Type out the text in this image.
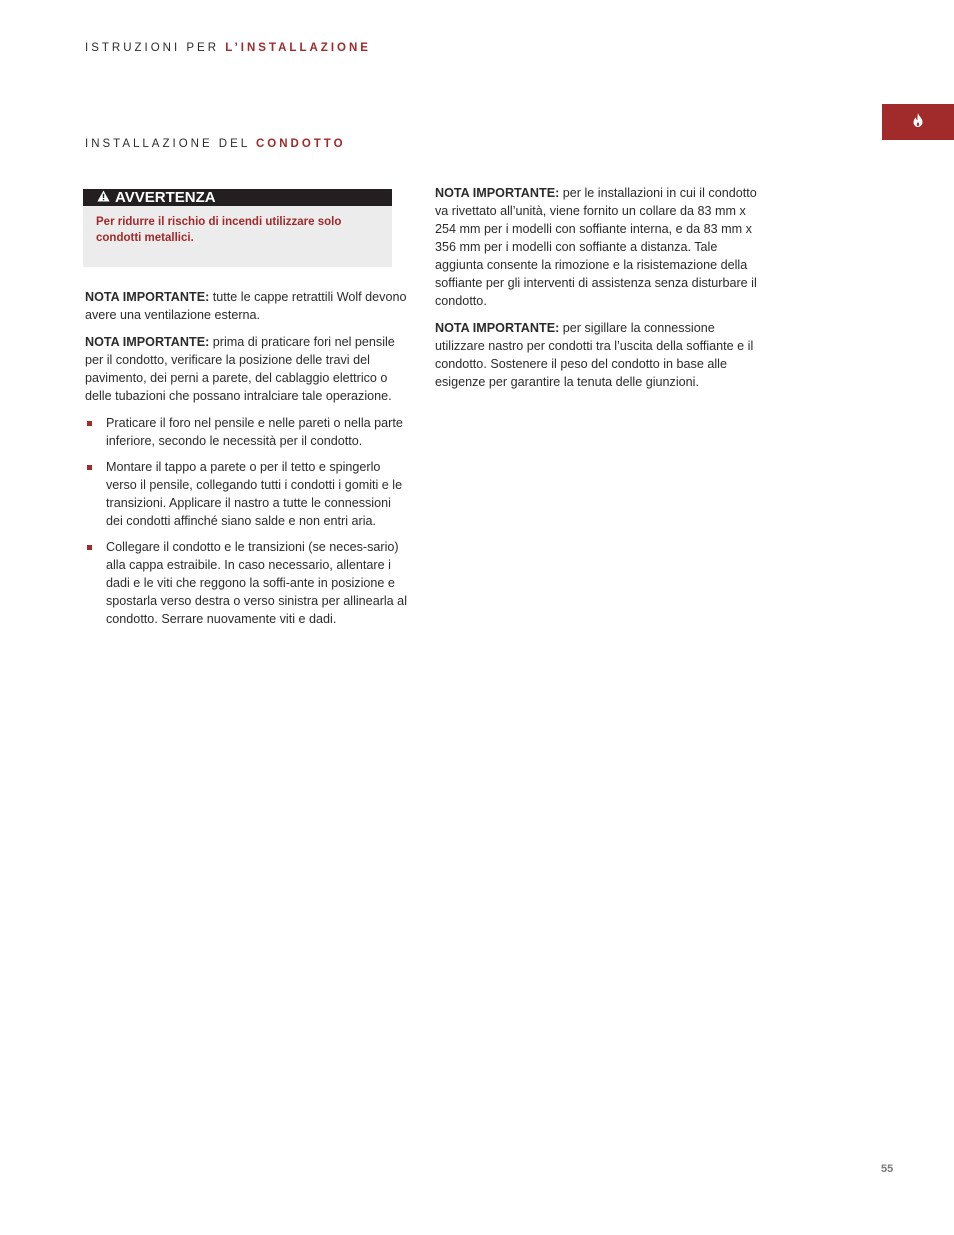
ISTRUZIONI PER L’INSTALLAZIONE
INSTALLAZIONE DEL CONDOTTO
AVVERTENZA
Per ridurre il rischio di incendi utilizzare solo
condotti metallici.

NOTA IMPORTANTE: tutte le cappe retrattili Wolf devono avere una ventilazione esterna.

NOTA IMPORTANTE: prima di praticare fori nel pensile per il condotto, verificare la posizione delle travi del pavimento, dei perni a parete, del cablaggio elettrico o delle tubazioni che possano intralciare tale operazione.

Praticare il foro nel pensile e nelle pareti o nella parte inferiore, secondo le necessità per il condotto.
Montare il tappo a parete o per il tetto e spingerlo verso il pensile, collegando tutti i condotti i gomiti e le transizioni. Applicare il nastro a tutte le connessioni dei condotti affinché siano salde e non entri aria.
Collegare il condotto e le transizioni (se neces-sario) alla cappa estraibile. In caso necessario, allentare i dadi e le viti che reggono la soffi-ante in posizione e spostarla verso destra o verso sinistra per allinearla al condotto. Serrare nuovamente viti e dadi.

NOTA IMPORTANTE: per le installazioni in cui il condotto va rivettato all’unità, viene fornito un collare da 83 mm x 254 mm per i modelli con soffiante interna, e da 83 mm x 356 mm per i modelli con soffiante a distanza. Tale aggiunta consente la rimozione e la risistemazione della soffiante per gli interventi di assistenza senza disturbare il condotto.

NOTA IMPORTANTE: per sigillare la connessione utilizzare nastro per condotti tra l’uscita della soffiante e il condotto. Sostenere il peso del condotto in base alle esigenze per garantire la tenuta delle giunzioni.

55
